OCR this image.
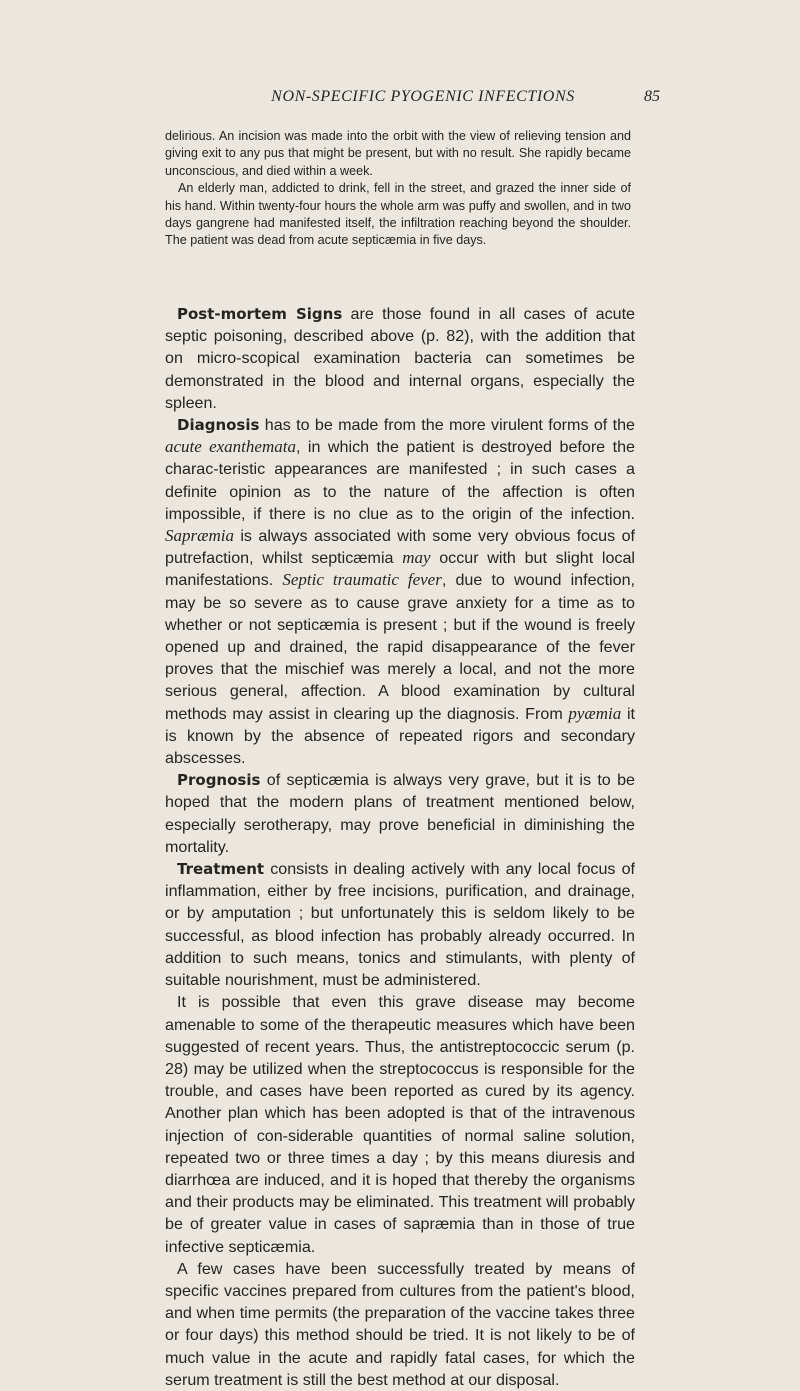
NON-SPECIFIC PYOGENIC INFECTIONS	85

delirious. An incision was made into the orbit with the view of relieving tension and giving exit to any pus that might be present, but with no result. She rapidly became unconscious, and died within a week.

An elderly man, addicted to drink, fell in the street, and grazed the inner side of his hand. Within twenty-four hours the whole arm was puffy and swollen, and in two days gangrene had manifested itself, the infiltration reaching beyond the shoulder. The patient was dead from acute septicæmia in five days.

Post-mortem Signs are those found in all cases of acute septic poisoning, described above (p. 82), with the addition that on micro-scopical examination bacteria can sometimes be demonstrated in the blood and internal organs, especially the spleen.

Diagnosis has to be made from the more virulent forms of the acute exanthemata, in which the patient is destroyed before the charac-teristic appearances are manifested ; in such cases a definite opinion as to the nature of the affection is often impossible, if there is no clue as to the origin of the infection. Sapræmia is always associated with some very obvious focus of putrefaction, whilst septicæmia may occur with but slight local manifestations. Septic traumatic fever, due to wound infection, may be so severe as to cause grave anxiety for a time as to whether or not septicæmia is present ; but if the wound is freely opened up and drained, the rapid disappearance of the fever proves that the mischief was merely a local, and not the more serious general, affection. A blood examination by cultural methods may assist in clearing up the diagnosis. From pyæmia it is known by the absence of repeated rigors and secondary abscesses.

Prognosis of septicæmia is always very grave, but it is to be hoped that the modern plans of treatment mentioned below, especially serotherapy, may prove beneficial in diminishing the mortality.

Treatment consists in dealing actively with any local focus of inflammation, either by free incisions, purification, and drainage, or by amputation ; but unfortunately this is seldom likely to be successful, as blood infection has probably already occurred. In addition to such means, tonics and stimulants, with plenty of suitable nourishment, must be administered.

It is possible that even this grave disease may become amenable to some of the therapeutic measures which have been suggested of recent years. Thus, the antistreptococcic serum (p. 28) may be utilized when the streptococcus is responsible for the trouble, and cases have been reported as cured by its agency. Another plan which has been adopted is that of the intravenous injection of con-siderable quantities of normal saline solution, repeated two or three times a day ; by this means diuresis and diarrhœa are induced, and it is hoped that thereby the organisms and their products may be eliminated. This treatment will probably be of greater value in cases of sapræmia than in those of true infective septicæmia.

A few cases have been successfully treated by means of specific vaccines prepared from cultures from the patient's blood, and when time permits (the preparation of the vaccine takes three or four days) this method should be tried. It is not likely to be of much value in the acute and rapidly fatal cases, for which the serum treatment is still the best method at our disposal.
